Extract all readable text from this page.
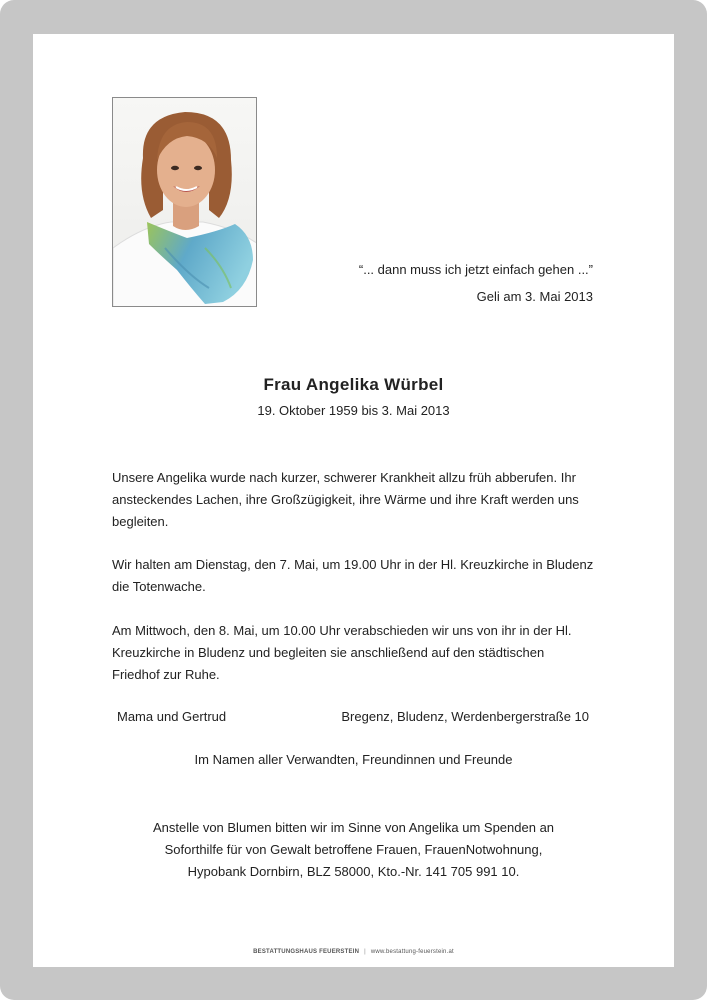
“... dann muss ich jetzt einfach gehen ...”
Geli am 3. Mai 2013
Frau Angelika Würbel
19. Oktober 1959 bis 3. Mai 2013
Unsere Angelika wurde nach kurzer, schwerer Krankheit allzu früh abberufen. Ihr ansteckendes Lachen, ihre Großzügigkeit, ihre Wärme und ihre Kraft werden uns begleiten.
Wir halten am Dienstag, den 7. Mai, um 19.00 Uhr in der Hl. Kreuzkirche in Bludenz die Totenwache.
Am Mittwoch, den 8. Mai, um 10.00 Uhr verabschieden wir uns von ihr in der Hl. Kreuzkirche in Bludenz und begleiten sie anschließend auf den städtischen Friedhof zur Ruhe.
Mama und Gertrud	Bregenz, Bludenz, Werdenbergerstraße 10
Im Namen aller Verwandten, Freundinnen und Freunde
Anstelle von Blumen bitten wir im Sinne von Angelika um Spenden an
Soforthilfe für von Gewalt betroffene Frauen, FrauenNotwohnung,
Hypobank Dornbirn, BLZ 58000, Kto.-Nr. 141 705 991 10.
BESTATTUNGSHAUS FEUERSTEIN | www.bestattung-feuerstein.at
